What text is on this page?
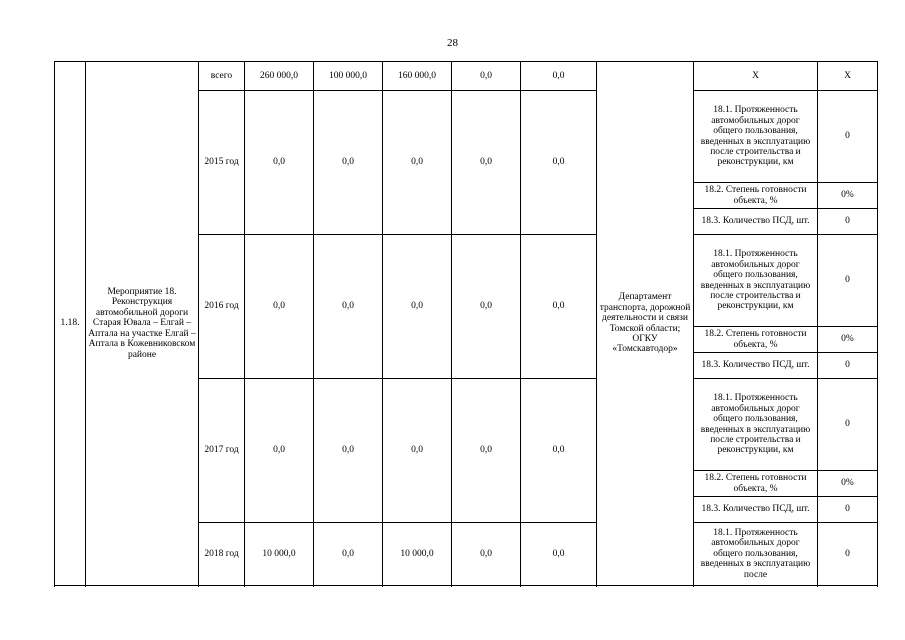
28
1.18.	Мероприятие 18. Реконструкция автомобильной дороги Старая Ювала – Елгай – Аптала на участке Елгай – Аптала в Кожевниковском районе	всего	260 000,0	100 000,0	160 000,0	0,0	0,0	Департамент транспорта, дорожной деятельности и связи Томской области; ОГКУ «Томскавтодор»	Х	Х
		2015 год	0,0	0,0	0,0	0,0	0,0		18.1. Протяженность автомобильных дорог общего пользования, введенных в эксплуатацию после строительства и реконструкции, км	0
									18.2. Степень готовности объекта, %	0%
									18.3. Количество ПСД, шт.	0
		2016 год	0,0	0,0	0,0	0,0	0,0		18.1. Протяженность автомобильных дорог общего пользования, введенных в эксплуатацию после строительства и реконструкции, км	0
									18.2. Степень готовности объекта, %	0%
									18.3. Количество ПСД, шт.	0
		2017 год	0,0	0,0	0,0	0,0	0,0		18.1. Протяженность автомобильных дорог общего пользования, введенных в эксплуатацию после строительства и реконструкции, км	0
									18.2. Степень готовности объекта, %	0%
									18.3. Количество ПСД, шт.	0
		2018 год	10 000,0	0,0	10 000,0	0,0	0,0		18.1. Протяженность автомобильных дорог общего пользования, введенных в эксплуатацию после	0
